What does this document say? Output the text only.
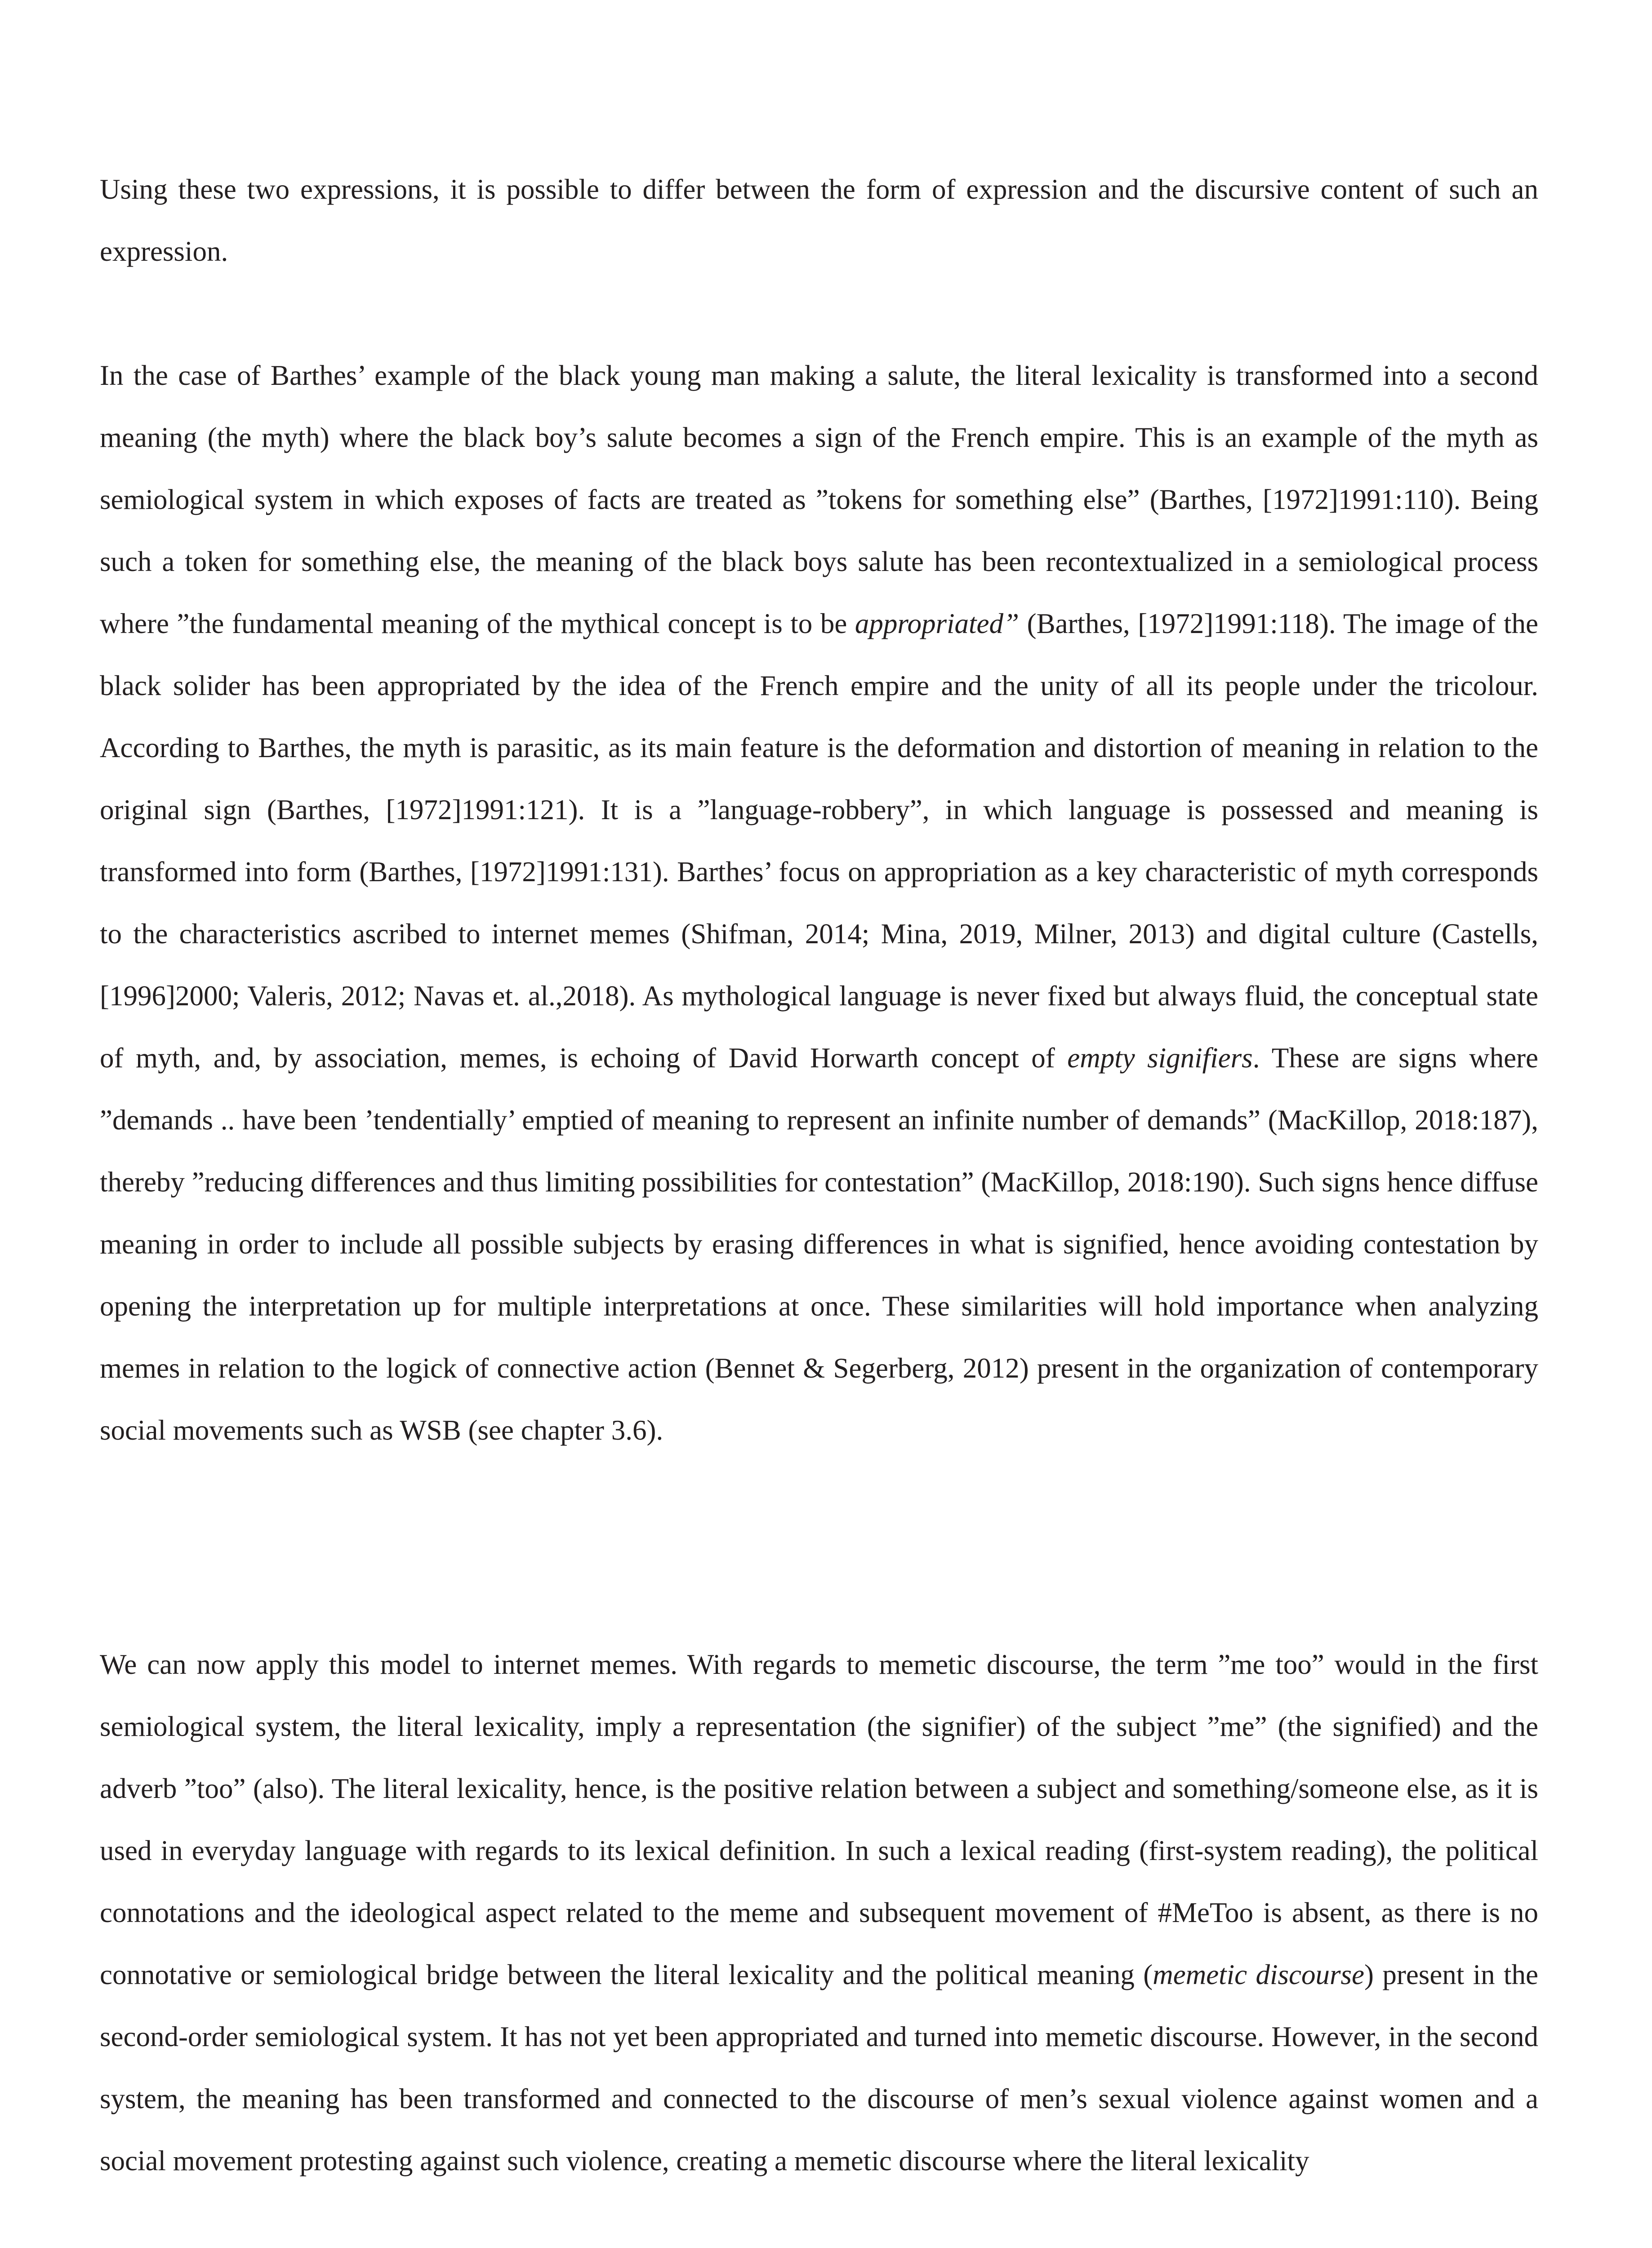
Using these two expressions, it is possible to differ between the form of expression and the discursive content of such an expression.

In the case of Barthes’ example of the black young man making a salute, the literal lexicality is transformed into a second meaning (the myth) where the black boy’s salute becomes a sign of the French empire. This is an example of the myth as semiological system in which exposes of facts are treated as ”tokens for something else” (Barthes, [1972]1991:110). Being such a token for something else, the meaning of the black boys salute has been recontextualized in a semiological process where ”the fundamental meaning of the mythical concept is to be appropriated” (Barthes, [1972]1991:118). The image of the black solider has been appropriated by the idea of the French empire and the unity of all its people under the tricolour. According to Barthes, the myth is parasitic, as its main feature is the deformation and distortion of meaning in relation to the original sign (Barthes, [1972]1991:121). It is a ”language-robbery”, in which language is possessed and meaning is transformed into form (Barthes, [1972]1991:131). Barthes’ focus on appropriation as a key characteristic of myth corresponds to the characteristics ascribed to internet memes (Shifman, 2014; Mina, 2019, Milner, 2013) and digital culture (Castells, [1996]2000; Valeris, 2012; Navas et. al.,2018). As mythological language is never fixed but always fluid, the conceptual state of myth, and, by association, memes, is echoing of David Horwarth concept of empty signifiers. These are signs where ”demands .. have been ’tendentially’ emptied of meaning to represent an infinite number of demands” (MacKillop, 2018:187), thereby ”reducing differences and thus limiting possibilities for contestation” (MacKillop, 2018:190). Such signs hence diffuse meaning in order to include all possible subjects by erasing differences in what is signified, hence avoiding contestation by opening the interpretation up for multiple interpretations at once. These similarities will hold importance when analyzing memes in relation to the logick of connective action (Bennet & Segerberg, 2012) present in the organization of contemporary social movements such as WSB (see chapter 3.6).

We can now apply this model to internet memes. With regards to memetic discourse, the term ”me too” would in the first semiological system, the literal lexicality, imply a representation (the signifier) of the subject ”me” (the signified) and the adverb ”too” (also). The literal lexicality, hence, is the positive relation between a subject and something/someone else, as it is used in everyday language with regards to its lexical definition. In such a lexical reading (first-system reading), the political connotations and the ideological aspect related to the meme and subsequent movement of #MeToo is absent, as there is no connotative or semiological bridge between the literal lexicality and the political meaning (memetic discourse) present in the second-order semiological system. It has not yet been appropriated and turned into memetic discourse. However, in the second system, the meaning has been transformed and connected to the discourse of men’s sexual violence against women and a social movement protesting against such violence, creating a memetic discourse where the literal lexicality
